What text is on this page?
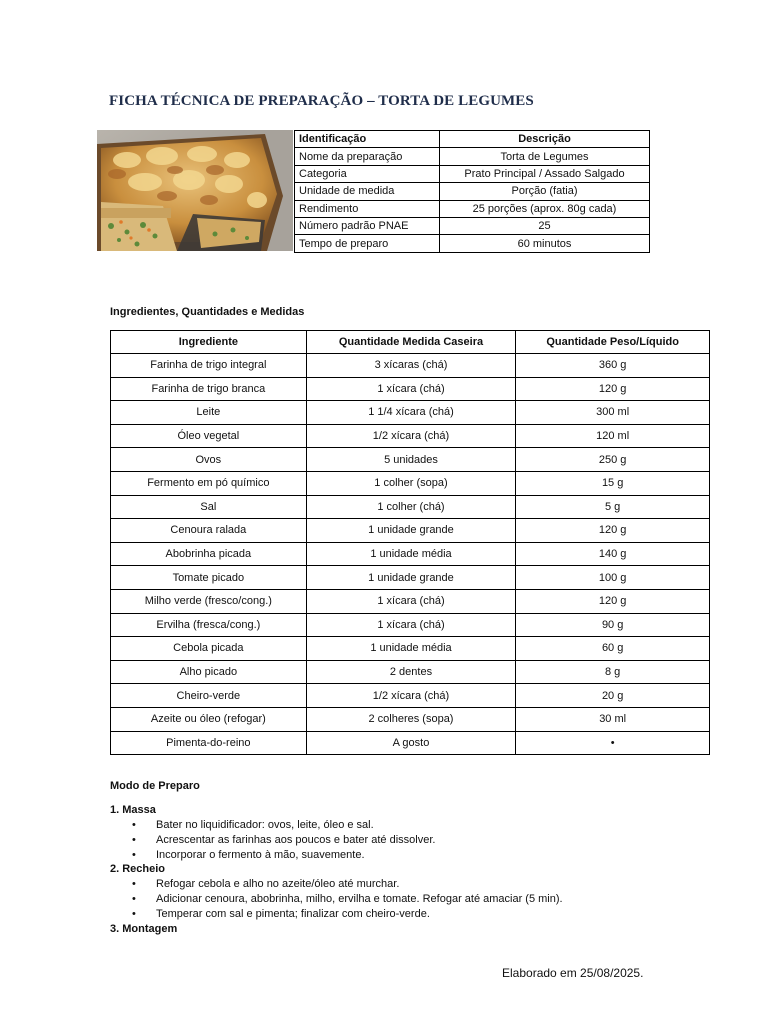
FICHA TÉCNICA DE PREPARAÇÃO – TORTA DE LEGUMES
Identificação	Descrição
Nome da preparação	Torta de Legumes
Categoria	Prato Principal / Assado Salgado
Unidade de medida	Porção (fatia)
Rendimento	25 porções (aprox. 80g cada)
Número padrão PNAE	25
Tempo de preparo	60 minutos
Ingredientes, Quantidades e Medidas
Ingrediente	Quantidade Medida Caseira	Quantidade Peso/Líquido
Farinha de trigo integral	3 xícaras (chá)	360 g
Farinha de trigo branca	1 xícara (chá)	120 g
Leite	1 1/4 xícara (chá)	300 ml
Óleo vegetal	1/2 xícara (chá)	120 ml
Ovos	5 unidades	250 g
Fermento em pó químico	1 colher (sopa)	15 g
Sal	1 colher (chá)	5 g
Cenoura ralada	1 unidade grande	120 g
Abobrinha picada	1 unidade média	140 g
Tomate picado	1 unidade grande	100 g
Milho verde (fresco/cong.)	1 xícara (chá)	120 g
Ervilha (fresca/cong.)	1 xícara (chá)	90 g
Cebola picada	1 unidade média	60 g
Alho picado	2 dentes	8 g
Cheiro-verde	1/2 xícara (chá)	20 g
Azeite ou óleo (refogar)	2 colheres (sopa)	30 ml
Pimenta-do-reino	A gosto	•
Modo de Preparo
1. Massa
• Bater no liquidificador: ovos, leite, óleo e sal.
• Acrescentar as farinhas aos poucos e bater até dissolver.
• Incorporar o fermento à mão, suavemente.
2. Recheio
• Refogar cebola e alho no azeite/óleo até murchar.
• Adicionar cenoura, abobrinha, milho, ervilha e tomate. Refogar até amaciar (5 min).
• Temperar com sal e pimenta; finalizar com cheiro-verde.
3. Montagem
Elaborado em 25/08/2025.
